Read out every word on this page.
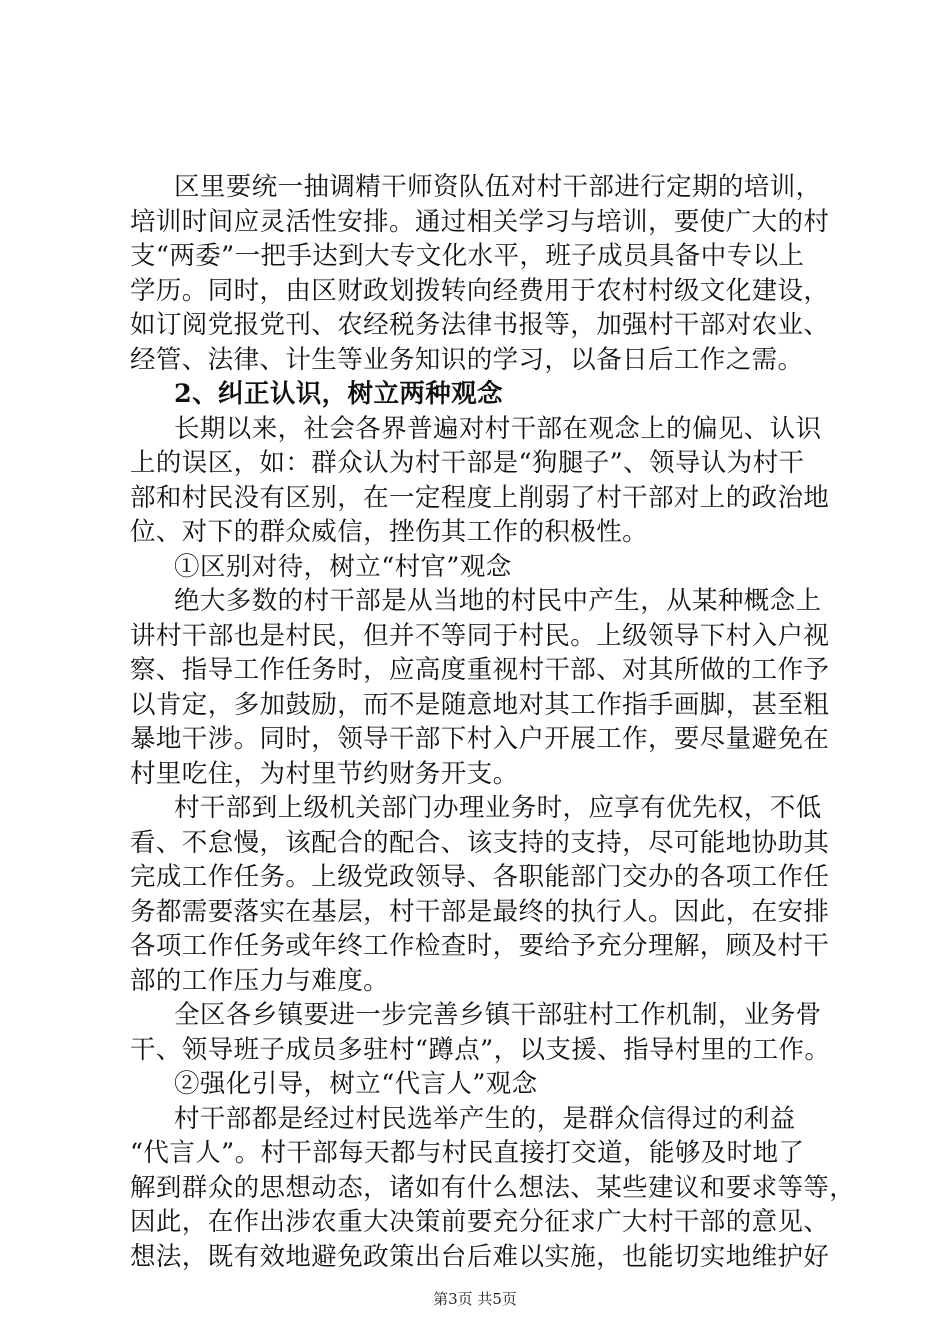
区里要统一抽调精干师资队伍对村干部进行定期的培训，
培训时间应灵活性安排。通过相关学习与培训，要使广大的村
支“两委”一把手达到大专文化水平，班子成员具备中专以上
学历。同时，由区财政划拨转向经费用于农村村级文化建设，
如订阅党报党刊、农经税务法律书报等，加强村干部对农业、
经管、法律、计生等业务知识的学习，以备日后工作之需。
2、纠正认识，树立两种观念
长期以来，社会各界普遍对村干部在观念上的偏见、认识
上的误区，如：群众认为村干部是“狗腿子”、领导认为村干
部和村民没有区别，在一定程度上削弱了村干部对上的政治地
位、对下的群众威信，挫伤其工作的积极性。
①区别对待，树立“村官”观念
绝大多数的村干部是从当地的村民中产生，从某种概念上
讲村干部也是村民，但并不等同于村民。上级领导下村入户视
察、指导工作任务时，应高度重视村干部、对其所做的工作予
以肯定，多加鼓励，而不是随意地对其工作指手画脚，甚至粗
暴地干涉。同时，领导干部下村入户开展工作，要尽量避免在
村里吃住，为村里节约财务开支。
村干部到上级机关部门办理业务时，应享有优先权，不低
看、不怠慢，该配合的配合、该支持的支持，尽可能地协助其
完成工作任务。上级党政领导、各职能部门交办的各项工作任
务都需要落实在基层，村干部是最终的执行人。因此，在安排
各项工作任务或年终工作检查时，要给予充分理解，顾及村干
部的工作压力与难度。
全区各乡镇要进一步完善乡镇干部驻村工作机制，业务骨
干、领导班子成员多驻村“蹲点”，以支援、指导村里的工作。
②强化引导，树立“代言人”观念
村干部都是经过村民选举产生的，是群众信得过的利益
“代言人”。村干部每天都与村民直接打交道，能够及时地了
解到群众的思想动态，诸如有什么想法、某些建议和要求等等，
因此，在作出涉农重大决策前要充分征求广大村干部的意见、
想法，既有效地避免政策出台后难以实施，也能切实地维护好
第3页 共5页
